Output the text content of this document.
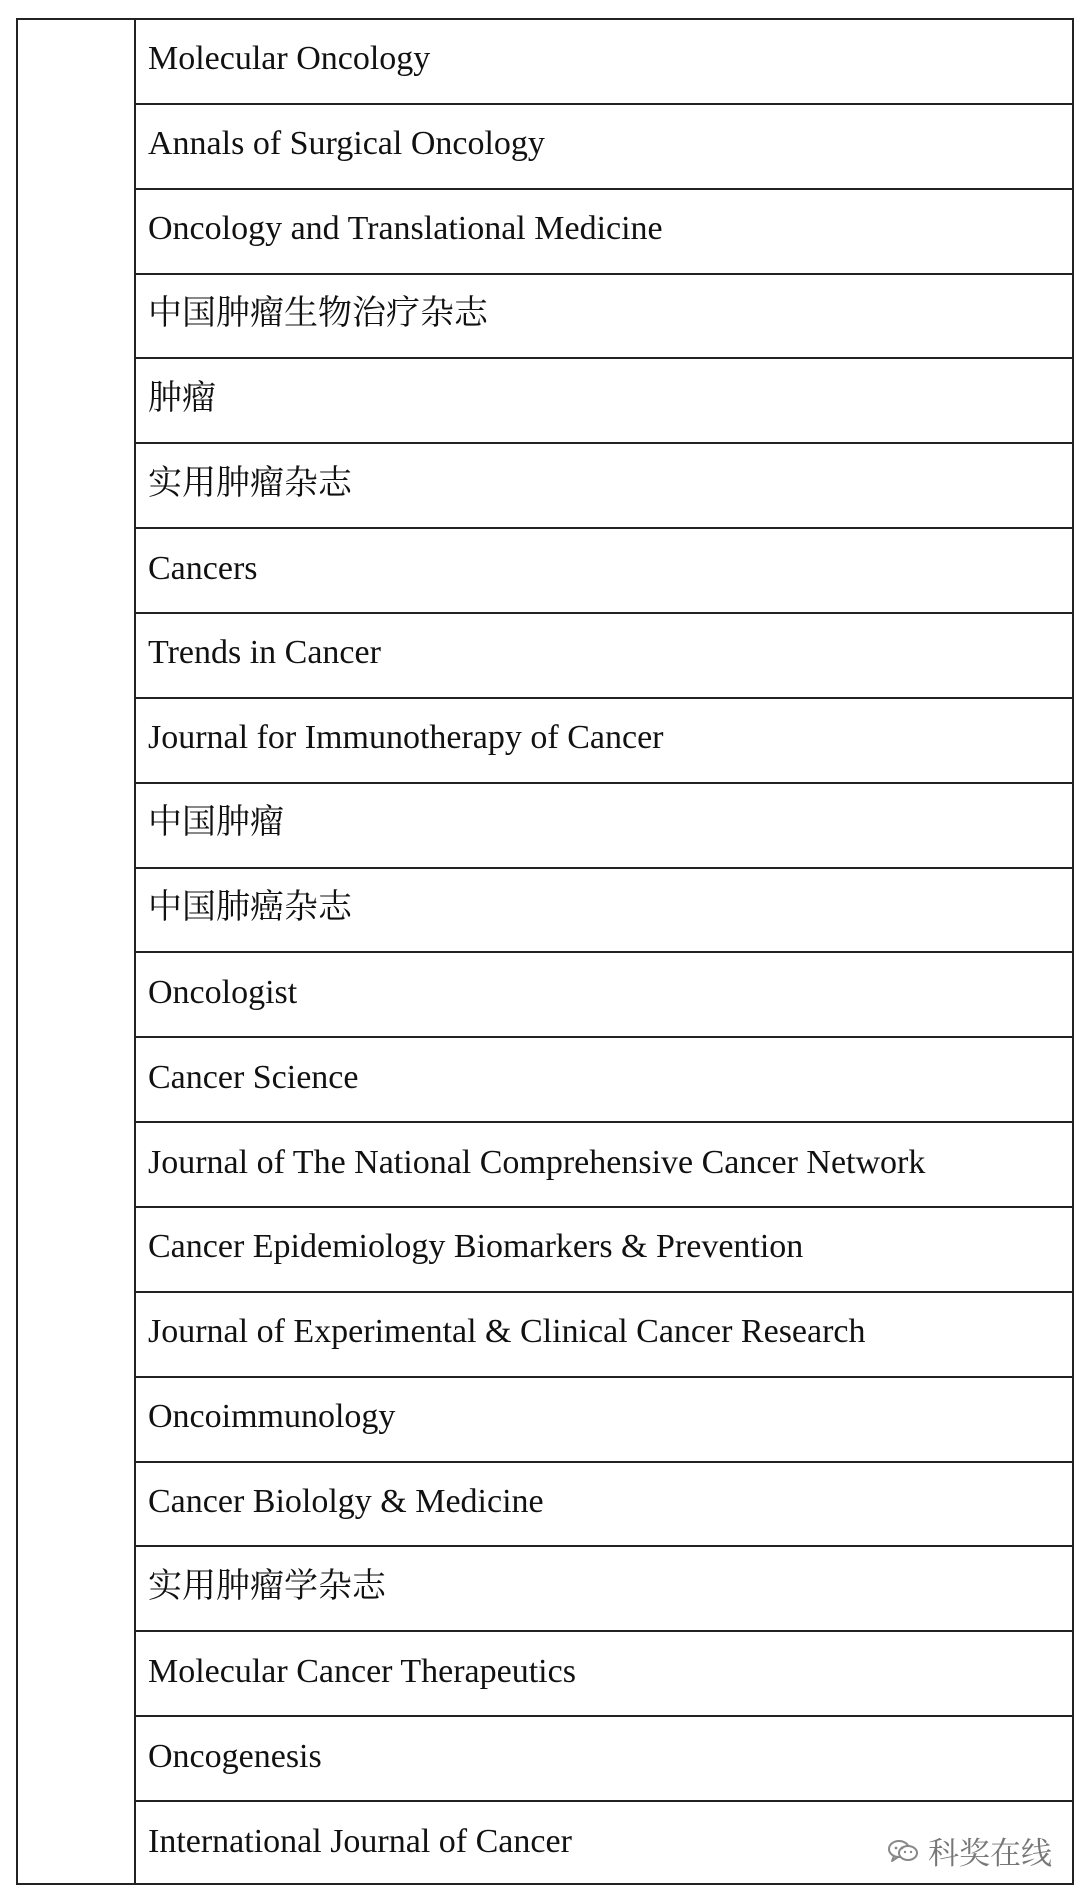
Molecular Oncology
Annals of Surgical Oncology
Oncology and Translational Medicine
中国肿瘤生物治疗杂志
肿瘤
实用肿瘤杂志
Cancers
Trends in Cancer
Journal for Immunotherapy of Cancer
中国肿瘤
中国肺癌杂志
Oncologist
Cancer Science
Journal of The National Comprehensive Cancer Network
Cancer Epidemiology Biomarkers & Prevention
Journal of Experimental & Clinical Cancer Research
Oncoimmunology
Cancer Biololgy & Medicine
实用肿瘤学杂志
Molecular Cancer Therapeutics
Oncogenesis
International Journal of Cancer	科奖在线
